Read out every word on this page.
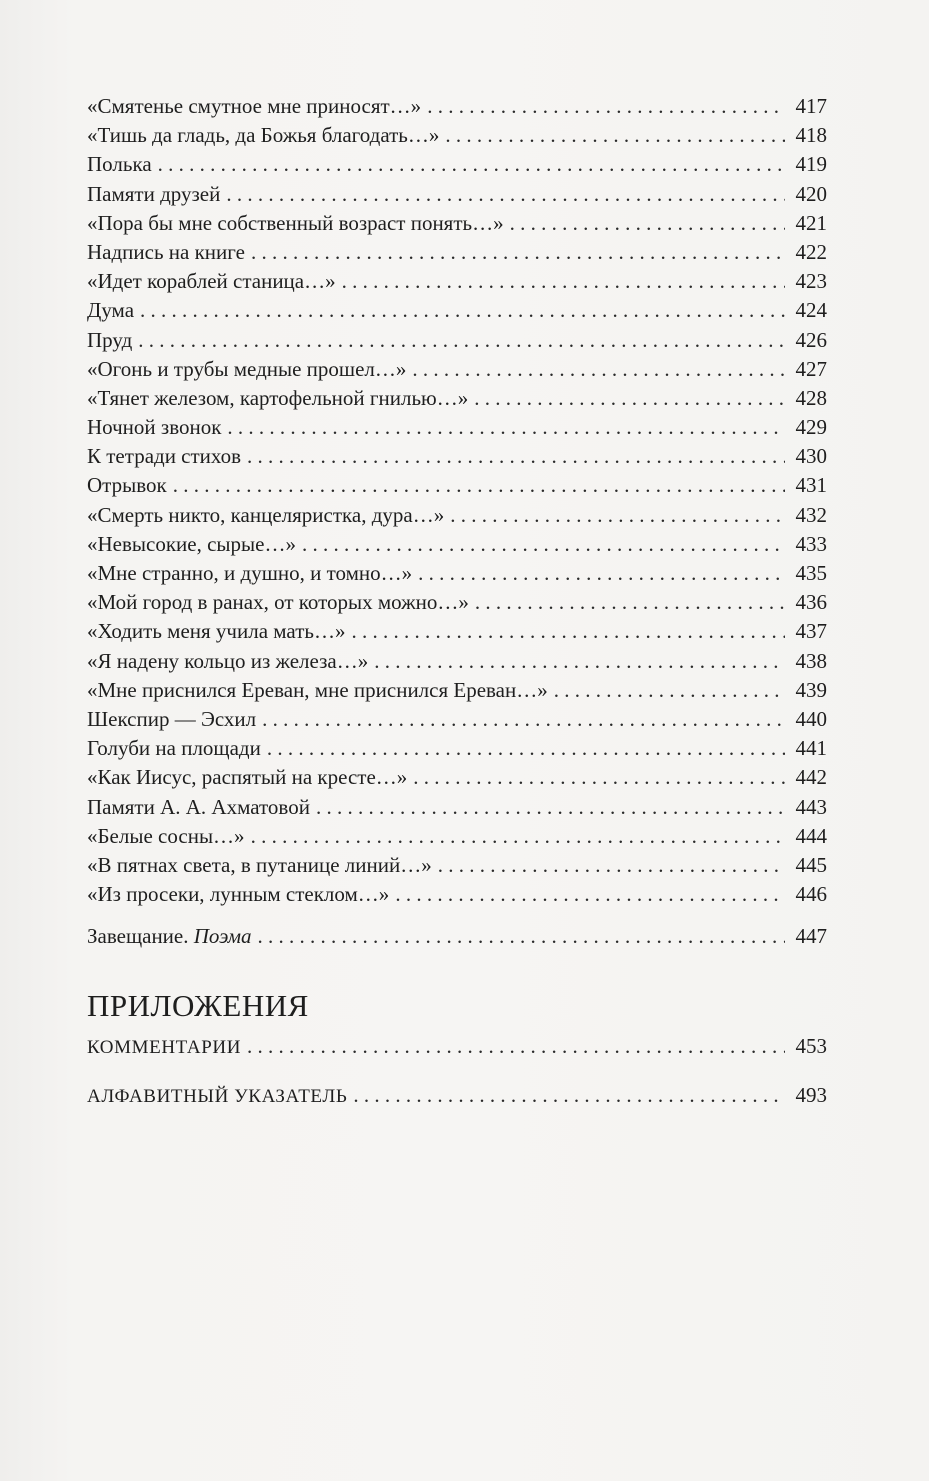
«Смятенье смутное мне приносят…» . . .	417
«Тишь да гладь, да Божья благодать…» . . .	418
Полька . . .	419
Памяти друзей . . .	420
«Пора бы мне собственный возраст понять…» . . .	421
Надпись на книге . . .	422
«Идет кораблей станица…» . . .	423
Дума . . .	424
Пруд . . .	426
«Огонь и трубы медные прошел…» . . .	427
«Тянет железом, картофельной гнилью…» . . .	428
Ночной звонок . . .	429
К тетради стихов . . .	430
Отрывок . . .	431
«Смерть никто, канцеляристка, дура…» . . .	432
«Невысокие, сырые…» . . .	433
«Мне странно, и душно, и томно…» . . .	435
«Мой город в ранах, от которых можно…» . . .	436
«Ходить меня учила мать…» . . .	437
«Я надену кольцо из железа…» . . .	438
«Мне приснился Ереван, мне приснился Ереван…» . . .	439
Шекспир — Эсхил . . .	440
Голуби на площади . . .	441
«Как Иисус, распятый на кресте…» . . .	442
Памяти А. А. Ахматовой . . .	443
«Белые сосны…» . . .	444
«В пятнах света, в путанице линий…» . . .	445
«Из просеки, лунным стеклом…» . . .	446
Завещание. Поэма . . .	447
ПРИЛОЖЕНИЯ
КОММЕНТАРИИ . . .	453
АЛФАВИТНЫЙ УКАЗАТЕЛЬ . . .	493
